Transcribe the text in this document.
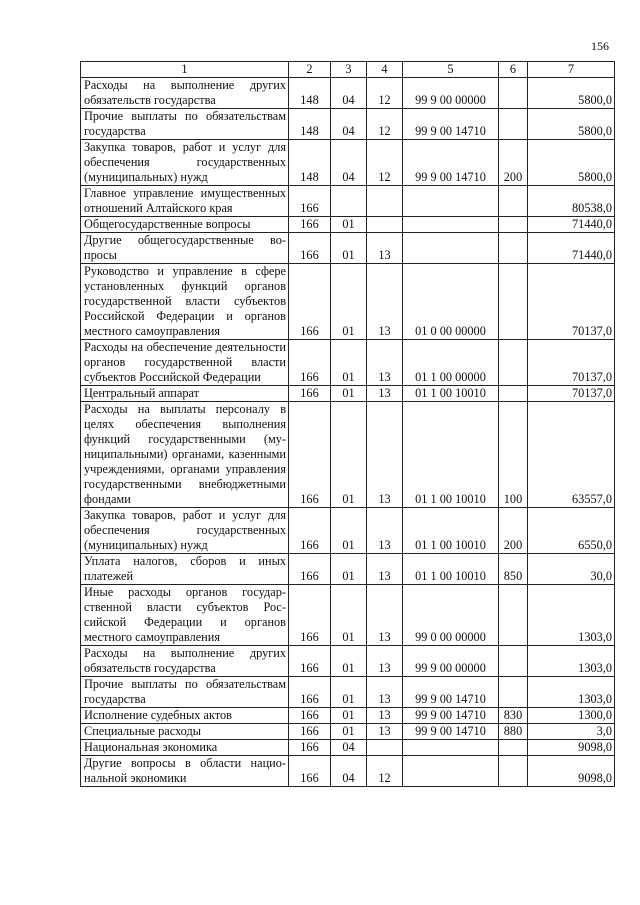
156
1	2	3	4	5	6	7
Расходы на выполнение других обязательств государства	148	04	12	99 9 00 00000		5800,0
Прочие выплаты по обязательствам государства	148	04	12	99 9 00 14710		5800,0
Закупка товаров, работ и услуг для обеспечения государственных (муниципальных) нужд	148	04	12	99 9 00 14710	200	5800,0
Главное управление имущественных отношений Алтайского края	166					80538,0
Общегосударственные вопросы	166	01				71440,0
Другие общегосударственные вопросы	166	01	13			71440,0
Руководство и управление в сфере установленных функций органов государственной власти субъектов Российской Федерации и органов местного самоуправления	166	01	13	01 0 00 00000		70137,0
Расходы на обеспечение деятельности органов государственной власти субъектов Российской Федерации	166	01	13	01 1 00 00000		70137,0
Центральный аппарат	166	01	13	01 1 00 10010		70137,0
Расходы на выплаты персоналу в целях обеспечения выполнения функций государственными (муниципальными) органами, казенными учреждениями, органами управления государственными внебюджетными фондами	166	01	13	01 1 00 10010	100	63557,0
Закупка товаров, работ и услуг для обеспечения государственных (муниципальных) нужд	166	01	13	01 1 00 10010	200	6550,0
Уплата налогов, сборов и иных платежей	166	01	13	01 1 00 10010	850	30,0
Иные расходы органов государственной власти субъектов Российской Федерации и органов местного самоуправления	166	01	13	99 0 00 00000		1303,0
Расходы на выполнение других обязательств государства	166	01	13	99 9 00 00000		1303,0
Прочие выплаты по обязательствам государства	166	01	13	99 9 00 14710		1303,0
Исполнение судебных актов	166	01	13	99 9 00 14710	830	1300,0
Специальные расходы	166	01	13	99 9 00 14710	880	3,0
Национальная экономика	166	04				9098,0
Другие вопросы в области национальной экономики	166	04	12			9098,0
